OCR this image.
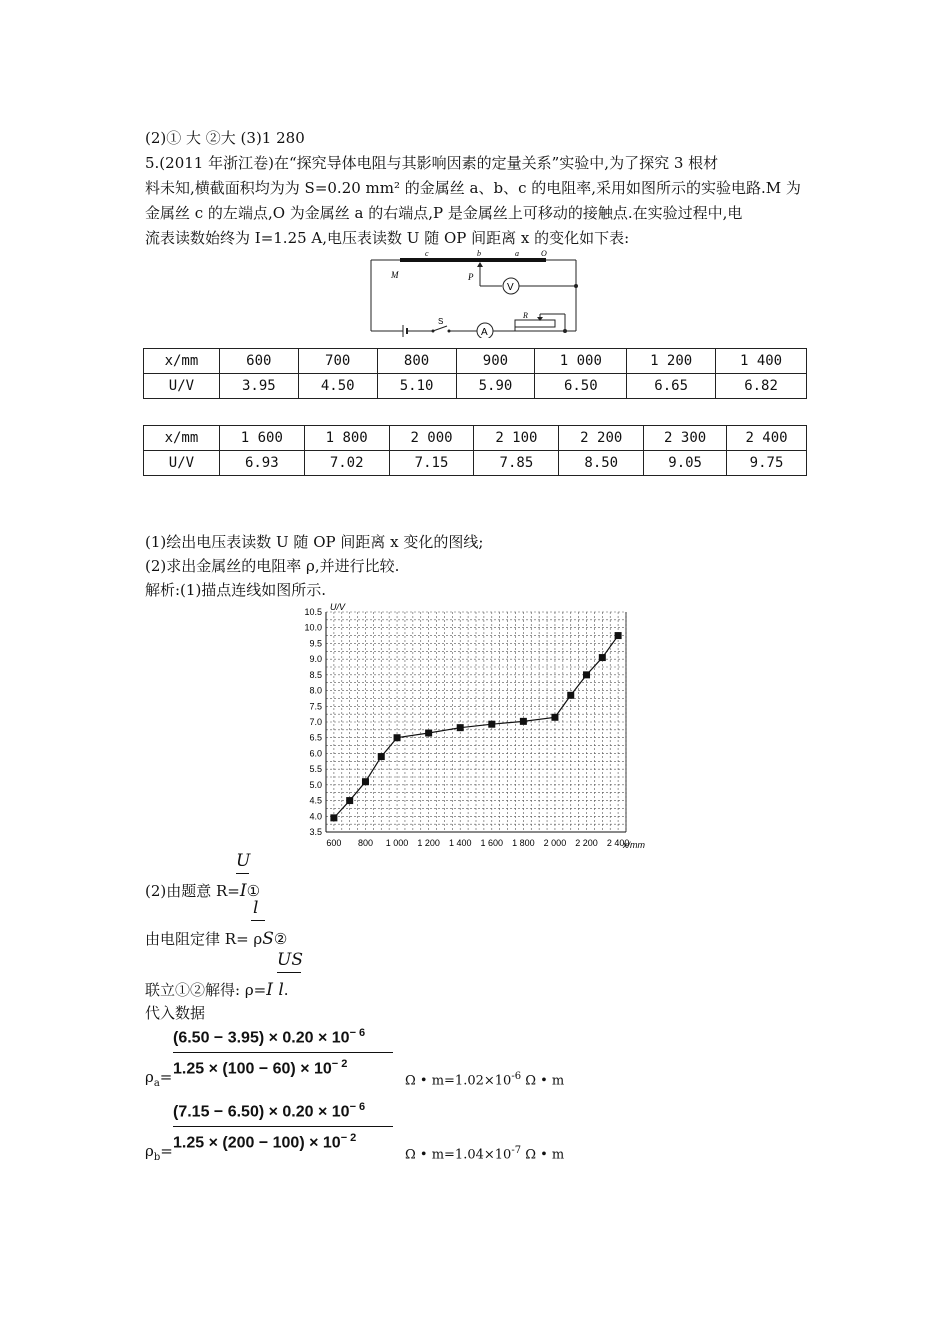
(2)① 大 ②大 (3)1 280
5.(2011 年浙江卷)在“探究导体电阻与其影响因素的定量关系”实验中,为了探究 3 根材
料未知,横截面积均为为 S=0.20 mm² 的金属丝 a、b、c 的电阻率,采用如图所示的实验电路.M 为
金属丝 c 的左端点,O 为金属丝 a 的右端点,P 是金属丝上可移动的接触点.在实验过程中,电
流表读数始终为 I=1.25 A,电压表读数 U 随 OP 间距离 x 的变化如下表:
c	b	a	O
M	P
V
S
A
R
x/mm	600	700	800	900	1 000	1 200	1 400
U/V	3.95	4.50	5.10	5.90	6.50	6.65	6.82
x/mm	1 600	1 800	2 000	2 100	2 200	2 300	2 400
U/V	6.93	7.02	7.15	7.85	8.50	9.05	9.75
(1)绘出电压表读数 U 随 OP 间距离 x 变化的图线;
(2)求出金属丝的电阻率 ρ,并进行比较.
解析:(1)描点连线如图所示.
3.5
4.0
4.5
5.0
5.5
6.0
6.5
7.0
7.5
8.0
8.5
9.0
9.5
10.0
10.5
600 800 1 000 1 200 1 400 1 600 1 800 2 000 2 200 2 400
U/V
x/mm
U
(2)由题意 R=I①
l
由电阻定律 R= ρS②
US
联立①②解得: ρ=I l.
代入数据
$(6.50 - 3.95) \times 0.20 \times 10^{- 6}$
$1.25 \times (100 - 60) \times 10^{- 2}$
$\rho_a=$	Ω • $m=1.02\times 10^{-6}$ Ω • m
$(7.15 - 6.50) \times 0.20 \times 10^{- 6}$
$1.25 \times (200 - 100) \times 10^{- 2}$
$\rho_b=$	Ω • $m=1.04\times 10^{-7}$ Ω • m
